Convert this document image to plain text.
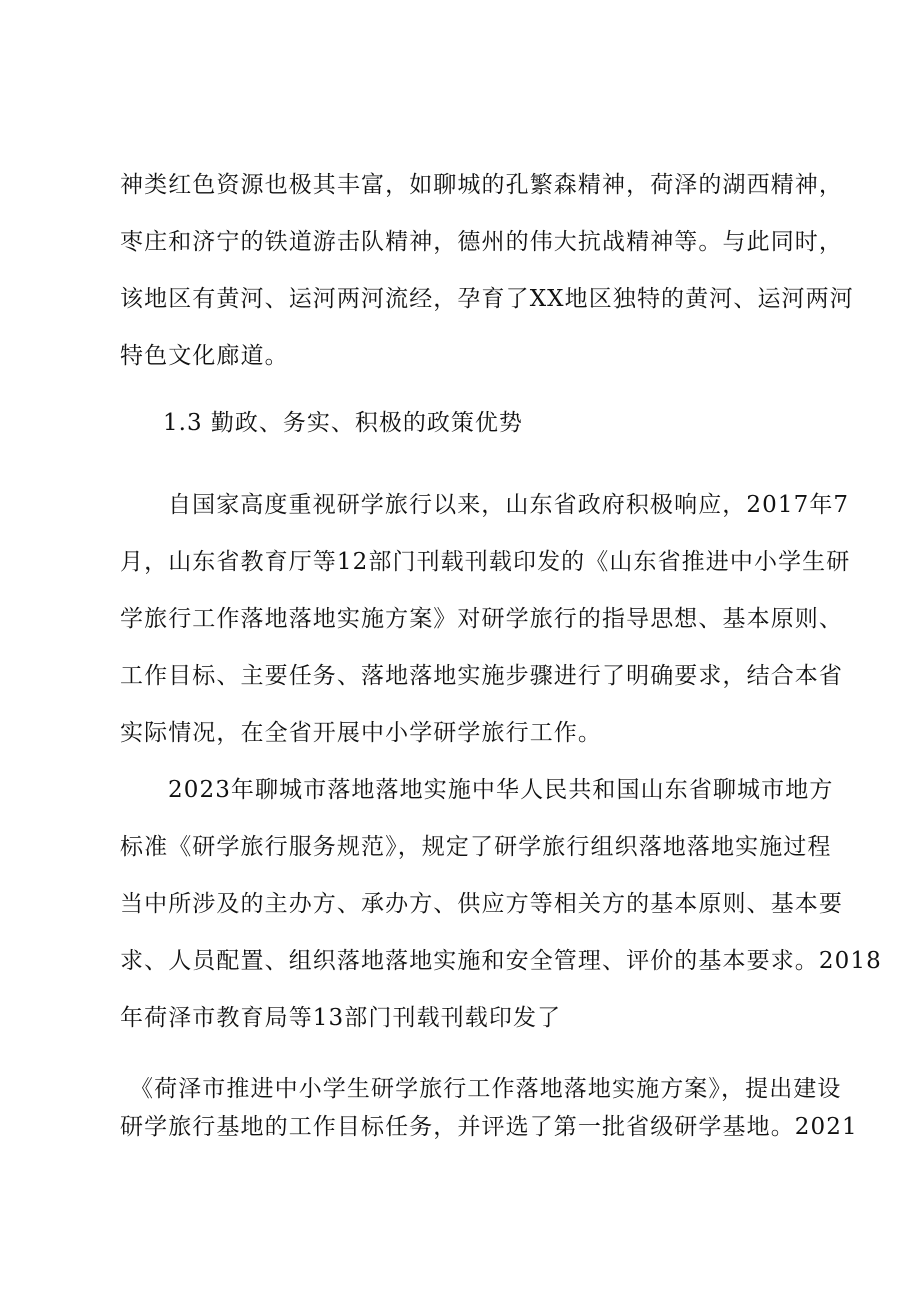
神类红色资源也极其丰富，如聊城的孔繁森精神，荷泽的湖西精神，
枣庄和济宁的铁道游击队精神，德州的伟大抗战精神等。与此同时，
该地区有黄河、运河两河流经，孕育了XX地区独特的黄河、运河两河
特色文化廊道。
1.3 勤政、务实、积极的政策优势
自国家高度重视研学旅行以来，山东省政府积极响应，2017年7
月，山东省教育厅等12部门刊载刊载印发的《山东省推进中小学生研
学旅行工作落地落地实施方案》对研学旅行的指导思想、基本原则、
工作目标、主要任务、落地落地实施步骤进行了明确要求，结合本省
实际情况，在全省开展中小学研学旅行工作。
2023年聊城市落地落地实施中华人民共和国山东省聊城市地方
标准《研学旅行服务规范》，规定了研学旅行组织落地落地实施过程
当中所涉及的主办方、承办方、供应方等相关方的基本原则、基本要
求、人员配置、组织落地落地实施和安全管理、评价的基本要求。2018
年荷泽市教育局等13部门刊载刊载印发了
《荷泽市推进中小学生研学旅行工作落地落地实施方案》，提出建设
研学旅行基地的工作目标任务，并评选了第一批省级研学基地。2021
